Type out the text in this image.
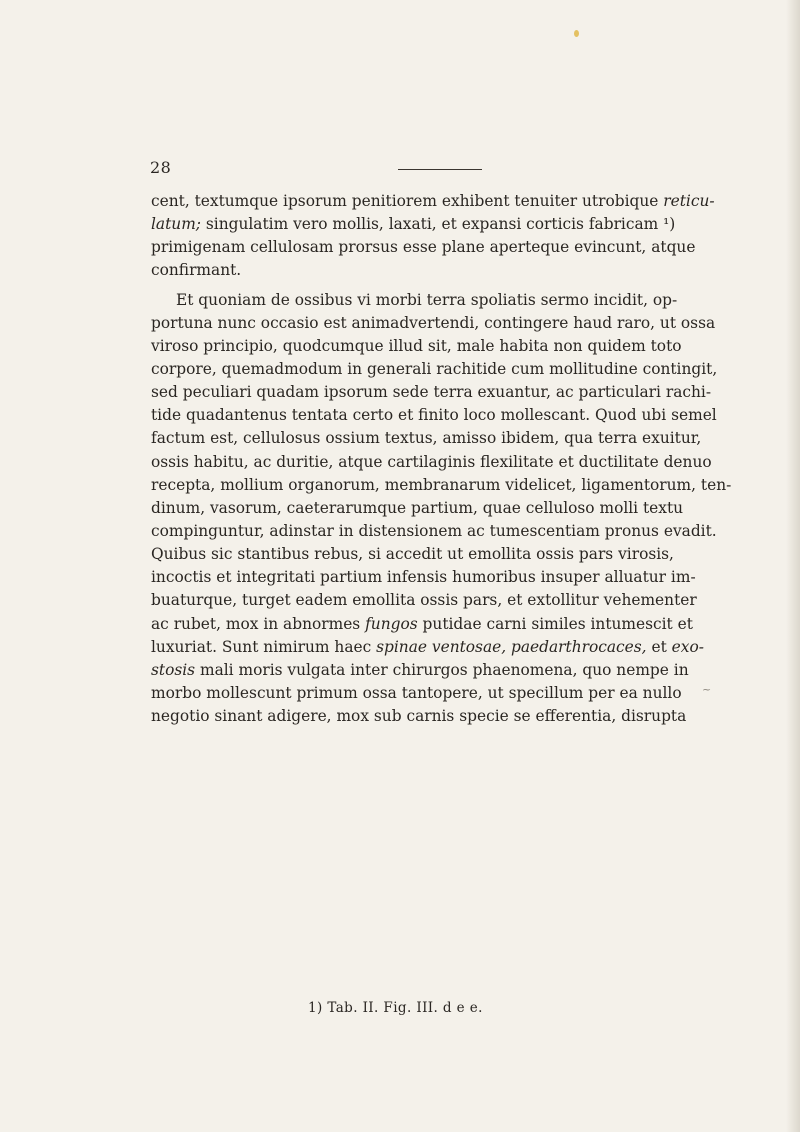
28
cent, textumque ipsorum penitiorem exhibent tenuiter utrobique reticu-
latum; singulatim vero mollis, laxati, et expansi corticis fabricam ¹)
primigenam cellulosam prorsus esse plane aperteque evincunt, atque
confirmant.
Et quoniam de ossibus vi morbi terra spoliatis sermo incidit, op-
portuna nunc occasio est animadvertendi, contingere haud raro, ut ossa
viroso principio, quodcumque illud sit, male habita non quidem toto
corpore, quemadmodum in generali rachitide cum mollitudine contingit,
sed peculiari quadam ipsorum sede terra exuantur, ac particulari rachi-
tide quadantenus tentata certo et finito loco mollescant. Quod ubi semel
factum est, cellulosus ossium textus, amisso ibidem, qua terra exuitur,
ossis habitu, ac duritie, atque cartilaginis flexilitate et ductilitate denuo
recepta, mollium organorum, membranarum videlicet, ligamentorum, ten-
dinum, vasorum, caeterarumque partium, quae celluloso molli textu
compinguntur, adinstar in distensionem ac tumescentiam pronus evadit.
Quibus sic stantibus rebus, si accedit ut emollita ossis pars virosis,
incoctis et integritati partium infensis humoribus insuper alluatur im-
buaturque, turget eadem emollita ossis pars, et extollitur vehementer
ac rubet, mox in abnormes fungos putidae carni similes intumescit et
luxuriat. Sunt nimirum haec spinae ventosae, paedarthrocaces, et exo-
stosis mali moris vulgata inter chirurgos phaenomena, quo nempe in
morbo mollescunt primum ossa tantopere, ut specillum per ea nullo
negotio sinant adigere, mox sub carnis specie se efferentia, disrupta
~
1) Tab. II. Fig. III. d e e.
